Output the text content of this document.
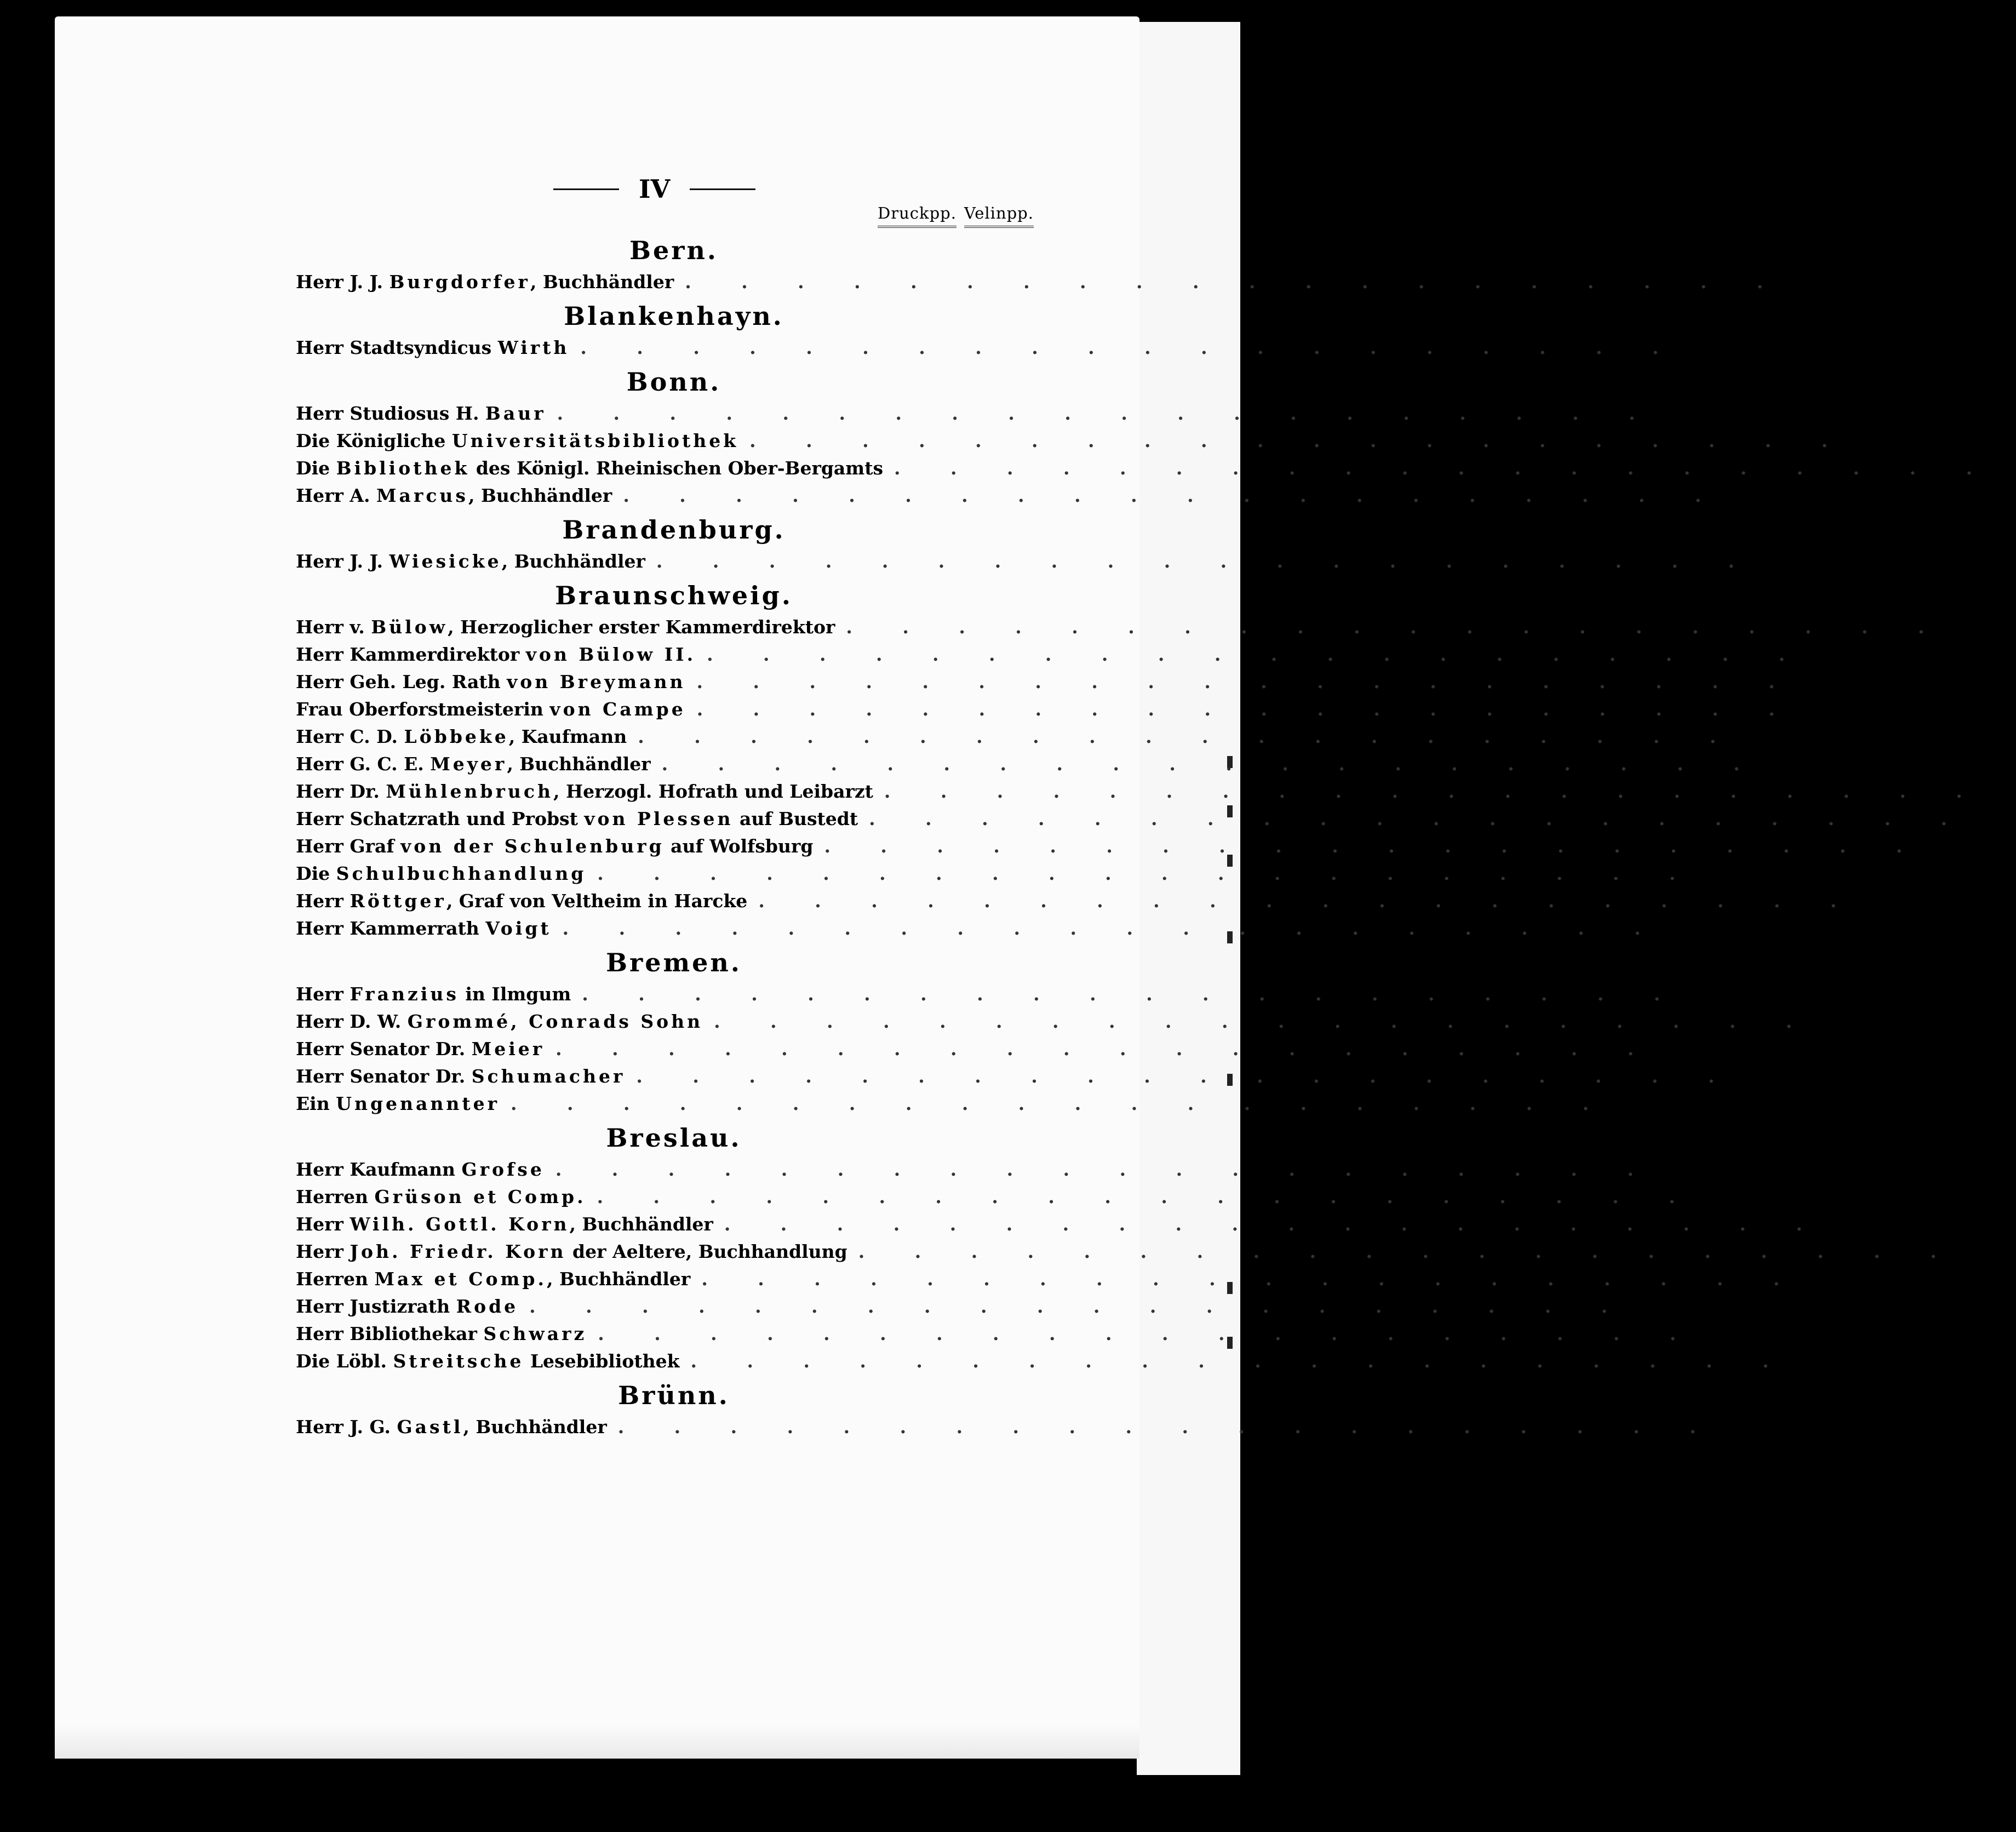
IV
Druckpp. Velinpp.
Bern.
Herr J. J. Burgdorfer, Buchhändler . . . . . . . . . . . . . . . . . . . . 2 1
Blankenhayn.
Herr Stadtsyndicus Wirth . . . . . . . . . . . . . . . . . . . . 1 –
Bonn.
Herr Studiosus H. Baur . . . . . . . . . . . . . . . . . . . . 1 –
Die Königliche Universitätsbibliothek . . . . . . . . . . . . . . . . . . . . 1 –
Die Bibliothek des Königl. Rheinischen Ober-Bergamts . . . . . . . . . . . . . . . . . . . . 1 –
Herr A. Marcus, Buchhändler . . . . . . . . . . . . . . . . . . . . 1 –
Brandenburg.
Herr J. J. Wiesicke, Buchhändler . . . . . . . . . . . . . . . . . . . . 1 –
Braunschweig.
Herr v. Bülow, Herzoglicher erster Kammerdirektor . . . . . . . . . . . . . . . . . . . . 1 –
Herr Kammerdirektor von Bülow II. . . . . . . . . . . . . . . . . . . . . 1 –
Herr Geh. Leg. Rath von Breymann . . . . . . . . . . . . . . . . . . . . 1 –
Frau Oberforstmeisterin von Campe . . . . . . . . . . . . . . . . . . . . 1 –
Herr C. D. Löbbeke, Kaufmann . . . . . . . . . . . . . . . . . . . . 1 –
Herr G. C. E. Meyer, Buchhändler . . . . . . . . . . . . . . . . . . . . 2 –
Herr Dr. Mühlenbruch, Herzogl. Hofrath und Leibarzt . . . . . . . . . . . . . . . . . . . . 1 –
Herr Schatzrath und Probst von Plessen auf Bustedt . . . . . . . . . . . . . . . . . . . . 1 –
Herr Graf von der Schulenburg auf Wolfsburg . . . . . . . . . . . . . . . . . . . . 1 –
Die Schulbuchhandlung . . . . . . . . . . . . . . . . . . . . 1 –
Herr Röttger, Graf von Veltheim in Harcke . . . . . . . . . . . . . . . . . . . . – 1
Herr Kammerrath Voigt . . . . . . . . . . . . . . . . . . . . 1 –
Bremen.
Herr Franzius in Ilmgum . . . . . . . . . . . . . . . . . . . . 1 –
Herr D. W. Grommé, Conrads Sohn . . . . . . . . . . . . . . . . . . . . 1 –
Herr Senator Dr. Meier . . . . . . . . . . . . . . . . . . . . 1 –
Herr Senator Dr. Schumacher . . . . . . . . . . . . . . . . . . . . – 1
Ein Ungenannter . . . . . . . . . . . . . . . . . . . . 1 –
Breslau.
Herr Kaufmann Grofse . . . . . . . . . . . . . . . . . . . . 1 –
Herren Grüson et Comp. . . . . . . . . . . . . . . . . . . . . 3 –
Herr Wilh. Gottl. Korn, Buchhändler . . . . . . . . . . . . . . . . . . . . 1 –
Herr Joh. Friedr. Korn der Aeltere, Buchhandlung . . . . . . . . . . . . . . . . . . . . 2 1
Herren Max et Comp., Buchhändler . . . . . . . . . . . . . . . . . . . . 1 –
Herr Justizrath Rode . . . . . . . . . . . . . . . . . . . . 1 –
Herr Bibliothekar Schwarz . . . . . . . . . . . . . . . . . . . . 1 –
Die Löbl. Streitsche Lesebibliothek . . . . . . . . . . . . . . . . . . . . 1 –
Brünn.
Herr J. G. Gastl, Buchhändler . . . . . . . . . . . . . . . . . . . . 2 –
